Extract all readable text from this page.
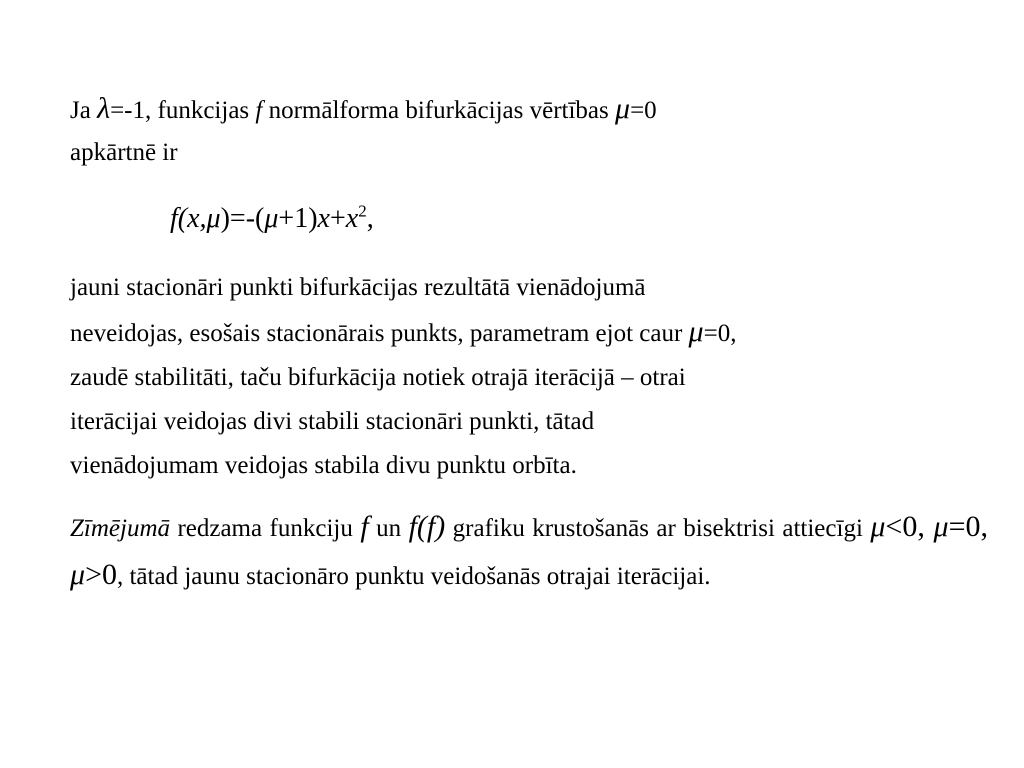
Ja λ=-1, funkcijas f normālforma bifurkācijas vērtības μ=0
apkārtnē ir

$f(x,\mu)=-(\mu+1)x+x^2$,

jauni stacionāri punkti bifurkācijas rezultātā vienādojumā
neveidojas, esošais stacionārais punkts, parametram ejot caur μ=0,
zaudē stabilitāti, taču bifurkācija notiek otrajā iterācijā – otrai
iterācijai veidojas divi stabili stacionāri punkti, tātad
vienādojumam veidojas stabila divu punktu orbīta.

Zīmējumā redzama funkciju f un f(f) grafiku krustošanās ar bisektrisi attiecīgi μ<0, μ=0, μ>0, tātad jaunu stacionāro punktu veidošanās otrajai iterācijai.
